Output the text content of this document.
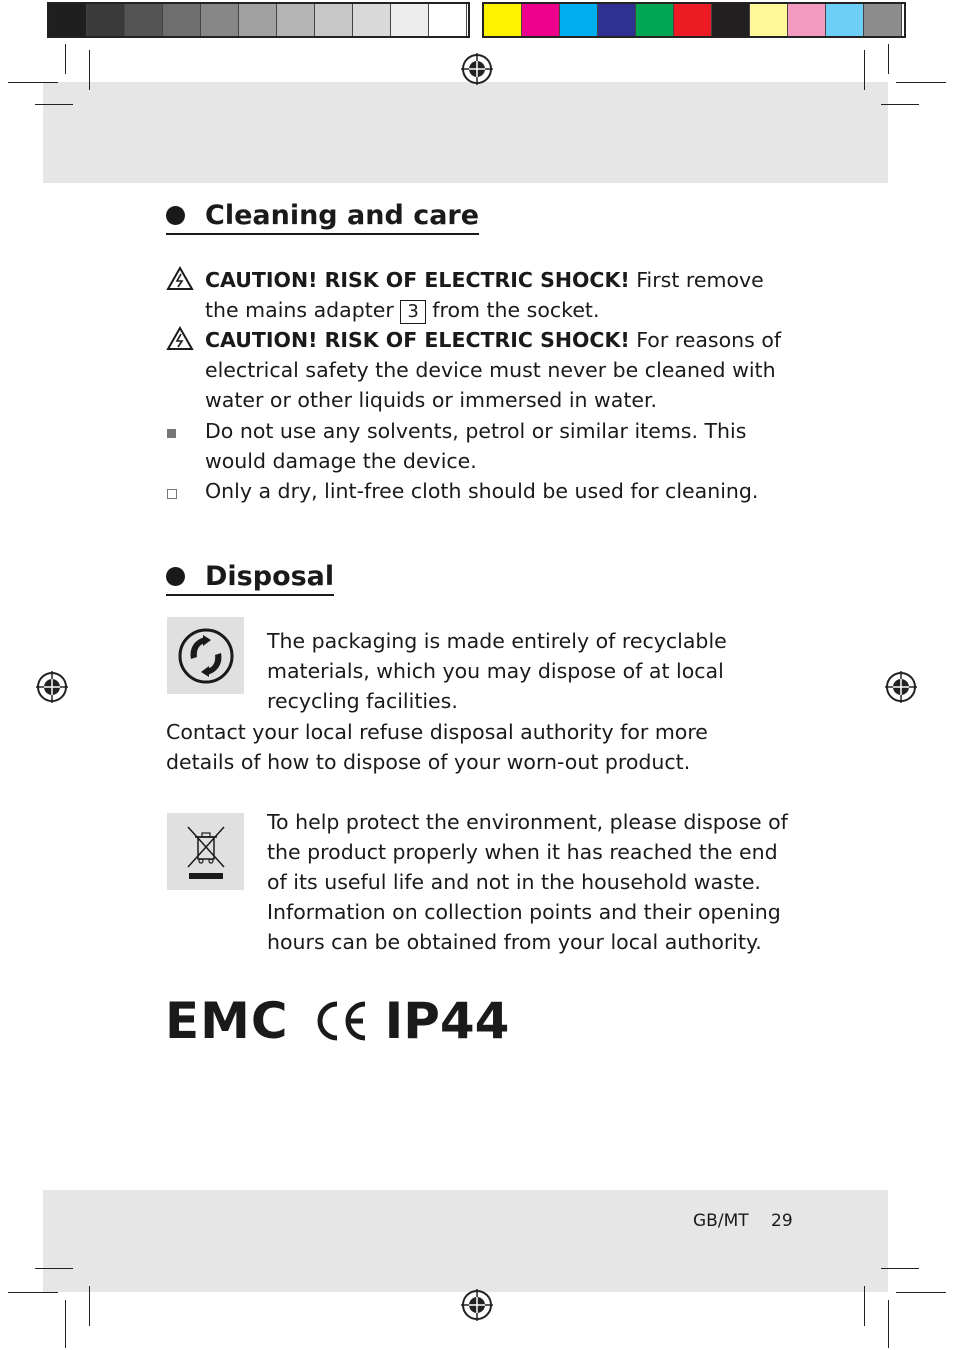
Cleaning and care
CAUTION! RISK OF ELECTRIC SHOCK! First remove the mains adapter 3 from the socket.
CAUTION! RISK OF ELECTRIC SHOCK! For reasons of electrical safety the device must never be cleaned with water or other liquids or immersed in water.
Do not use any solvents, petrol or similar items. This would damage the device.
Only a dry, lint-free cloth should be used for cleaning.
Disposal
The packaging is made entirely of recyclable materials, which you may dispose of at local recycling facilities.
Contact your local refuse disposal authority for more details of how to dispose of your worn-out product.
To help protect the environment, please dispose of the product properly when it has reached the end of its useful life and not in the household waste. Information on collection points and their opening hours can be obtained from your local authority.
EMC IP44
GB/MT 29
